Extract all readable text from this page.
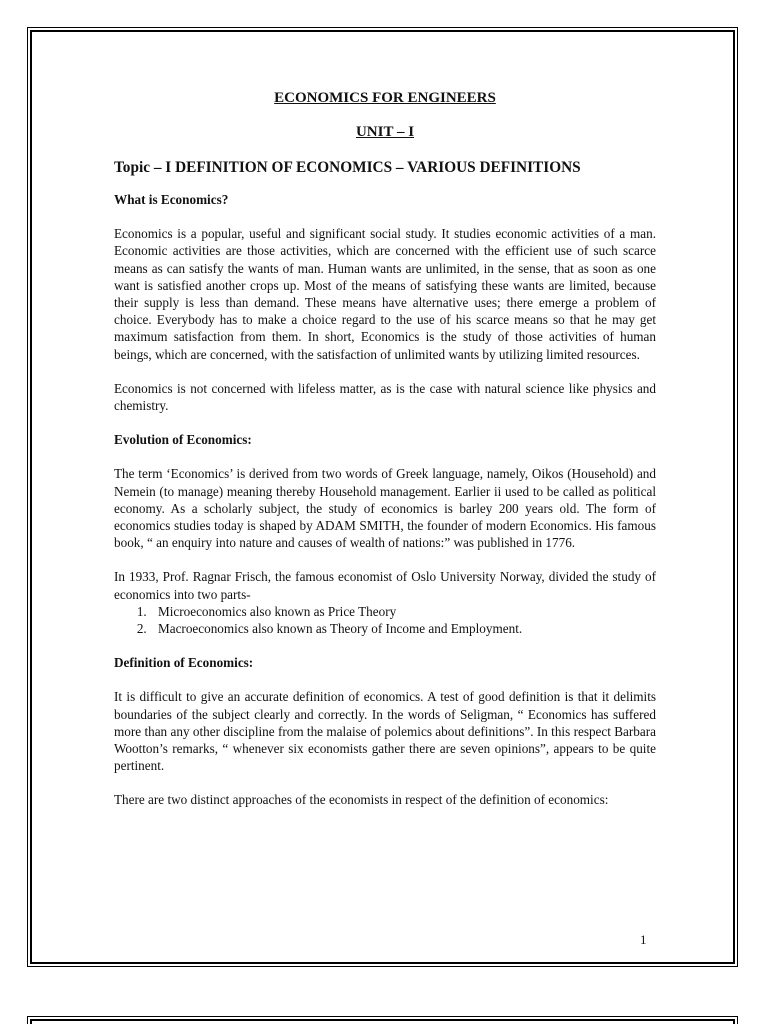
ECONOMICS FOR ENGINEERS
UNIT – I
Topic – I DEFINITION OF ECONOMICS – VARIOUS DEFINITIONS
What is Economics?

Economics is a popular, useful and significant social study. It studies economic activities of a man. Economic activities are those activities, which are concerned with the efficient use of such scarce means as can satisfy the wants of man. Human wants are unlimited, in the sense, that as soon as one want is satisfied another crops up. Most of the means of satisfying these wants are limited, because their supply is less than demand. These means have alternative uses; there emerge a problem of choice. Everybody has to make a choice regard to the use of his scarce means so that he may get maximum satisfaction from them. In short, Economics is the study of those activities of human beings, which are concerned, with the satisfaction of unlimited wants by utilizing limited resources.

Economics is not concerned with lifeless matter, as is the case with natural science like physics and chemistry.

Evolution of Economics:

The term ‘Economics’ is derived from two words of Greek language, namely, Oikos (Household) and Nemein (to manage) meaning thereby Household management. Earlier ii used to be called as political economy. As a scholarly subject, the study of economics is barley 200 years old. The form of economics studies today is shaped by ADAM SMITH, the founder of modern Economics. His famous book, “ an enquiry into nature and causes of wealth of nations:” was published in 1776.

In 1933, Prof. Ragnar Frisch, the famous economist of Oslo University Norway, divided the study of economics into two parts-

1. Microeconomics also known as Price Theory
2. Macroeconomics also known as Theory of Income and Employment.
Definition of Economics:

It is difficult to give an accurate definition of economics. A test of good definition is that it delimits boundaries of the subject clearly and correctly. In the words of Seligman, “ Economics has suffered more than any other discipline from the malaise of polemics about definitions”. In this respect Barbara Wootton’s remarks, “ whenever six economists gather there are seven opinions”, appears to be quite pertinent.

There are two distinct approaches of the economists in respect of the definition of economics:

1
